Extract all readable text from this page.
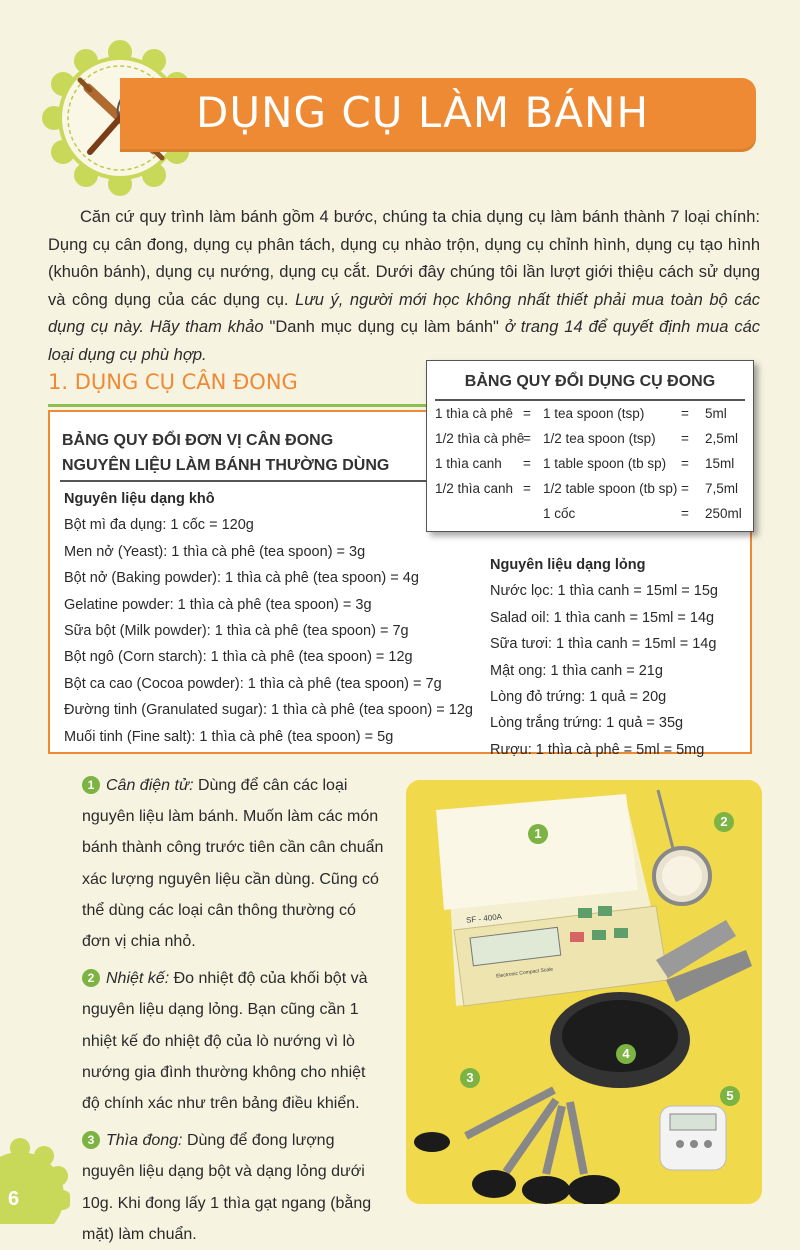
DỤNG CỤ LÀM BÁNH
Căn cứ quy trình làm bánh gồm 4 bước, chúng ta chia dụng cụ làm bánh thành 7 loại chính: Dụng cụ cân đong, dụng cụ phân tách, dụng cụ nhào trộn, dụng cụ chỉnh hình, dụng cụ tạo hình (khuôn bánh), dụng cụ nướng, dụng cụ cắt. Dưới đây chúng tôi lần lượt giới thiệu cách sử dụng và công dụng của các dụng cụ. Lưu ý, người mới học không nhất thiết phải mua toàn bộ các dụng cụ này. Hãy tham khảo "Danh mục dụng cụ làm bánh" ở trang 14 để quyết định mua các loại dụng cụ phù hợp.
1. DỤNG CỤ CÂN ĐONG
BẢNG QUY ĐỔI ĐƠN VỊ CÂN ĐONG
NGUYÊN LIỆU LÀM BÁNH THƯỜNG DÙNG
Nguyên liệu dạng khô
Bột mì đa dụng: 1 cốc = 120g
Men nở (Yeast): 1 thìa cà phê (tea spoon) = 3g
Bột nở (Baking powder): 1 thìa cà phê (tea spoon) = 4g
Gelatine powder: 1 thìa cà phê (tea spoon) = 3g
Sữa bột (Milk powder): 1 thìa cà phê (tea spoon) = 7g
Bột ngô (Corn starch): 1 thìa cà phê (tea spoon) = 12g
Bột ca cao (Cocoa powder): 1 thìa cà phê (tea spoon) = 7g
Đường tinh (Granulated sugar): 1 thìa cà phê (tea spoon) = 12g
Muối tinh (Fine salt): 1 thìa cà phê (tea spoon) = 5g
Nguyên liệu dạng lỏng
Nước lọc: 1 thìa canh = 15ml = 15g
Salad oil: 1 thìa canh = 15ml = 14g
Sữa tươi: 1 thìa canh = 15ml = 14g
Mật ong: 1 thìa canh = 21g
Lòng đỏ trứng: 1 quả = 20g
Lòng trắng trứng: 1 quả = 35g
Rượu: 1 thìa cà phê = 5ml = 5mg
BẢNG QUY ĐỔI DỤNG CỤ ĐONG
1 thìa cà phê = 1 tea spoon (tsp)	= 5ml
1/2 thìa cà phê
= 1/2 tea spoon (tsp) = 2,5ml
1 thìa canh = 1 table spoon (tb sp) = 15ml
1/2 thìa canh = 1/2 table spoon (tb sp) = 7,5ml
1 cốc	= 250ml

1 Cân điện tử: Dùng để cân các loại nguyên liệu làm bánh. Muốn làm các món bánh thành công trước tiên cần cân chuẩn xác lượng nguyên liệu cần dùng. Cũng có thể dùng các loại cân thông thường có đơn vị chia nhỏ.

2 Nhiệt kế: Đo nhiệt độ của khối bột và nguyên liệu dạng lỏng. Bạn cũng cần 1 nhiệt kế đo nhiệt độ của lò nướng vì lò nướng gia đình thường không cho nhiệt độ chính xác như trên bảng điều khiển.

3 Thìa đong: Dùng để đong lượng nguyên liệu dạng bột và dạng lỏng dưới 10g. Khi đong lấy 1 thìa gạt ngang (bằng mặt) làm chuẩn.

SF - 400A
Electronic Compact Scale
1
2
3
4
5
6
